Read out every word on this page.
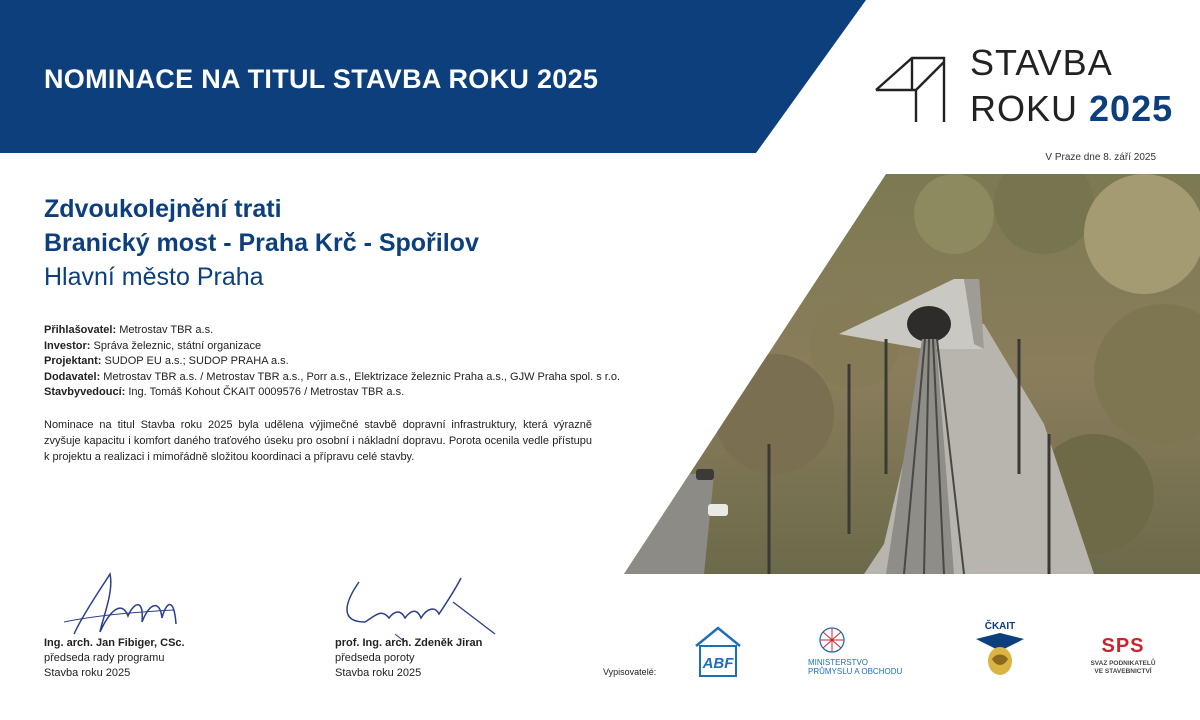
NOMINACE NA TITUL STAVBA ROKU 2025	STAVBA
ROKU 2025
V Praze dne 8. září 2025
Zdvoukolejnění trati
Branický most - Praha Krč - Spořilov
Hlavní město Praha
Přihlašovatel: Metrostav TBR a.s.
Investor: Správa železnic, státní organizace
Projektant: SUDOP EU a.s.; SUDOP PRAHA a.s.
Dodavatel: Metrostav TBR a.s. / Metrostav TBR a.s., Porr a.s., Elektrizace železnic Praha a.s., GJW Praha spol. s r.o.
Stavbyvedoucí: Ing. Tomáš Kohout ČKAIT 0009576 / Metrostav TBR a.s.
Nominace na titul Stavba roku 2025 byla udělena výjimečné stavbě dopravní infrastruktury, která výrazně zvyšuje kapacitu i komfort daného traťového úseku pro osobní i nákladní dopravu. Porota ocenila vedle přístupu k projektu a realizaci i mimořádně složitou koordinaci a přípravu celé stavby.
Ing. arch. Jan Fibiger, CSc.
předseda rady programu
Stavba roku 2025
prof. Ing. arch. Zdeněk Jiran
předseda poroty
Stavba roku 2025	Vypisovatelé:	ABF	MINISTERSTVO
PRŮMYSLU A OBCHODU
ČKAIT
SPS
SVAZ PODNIKATELŮ
VE STAVEBNICTVÍ
